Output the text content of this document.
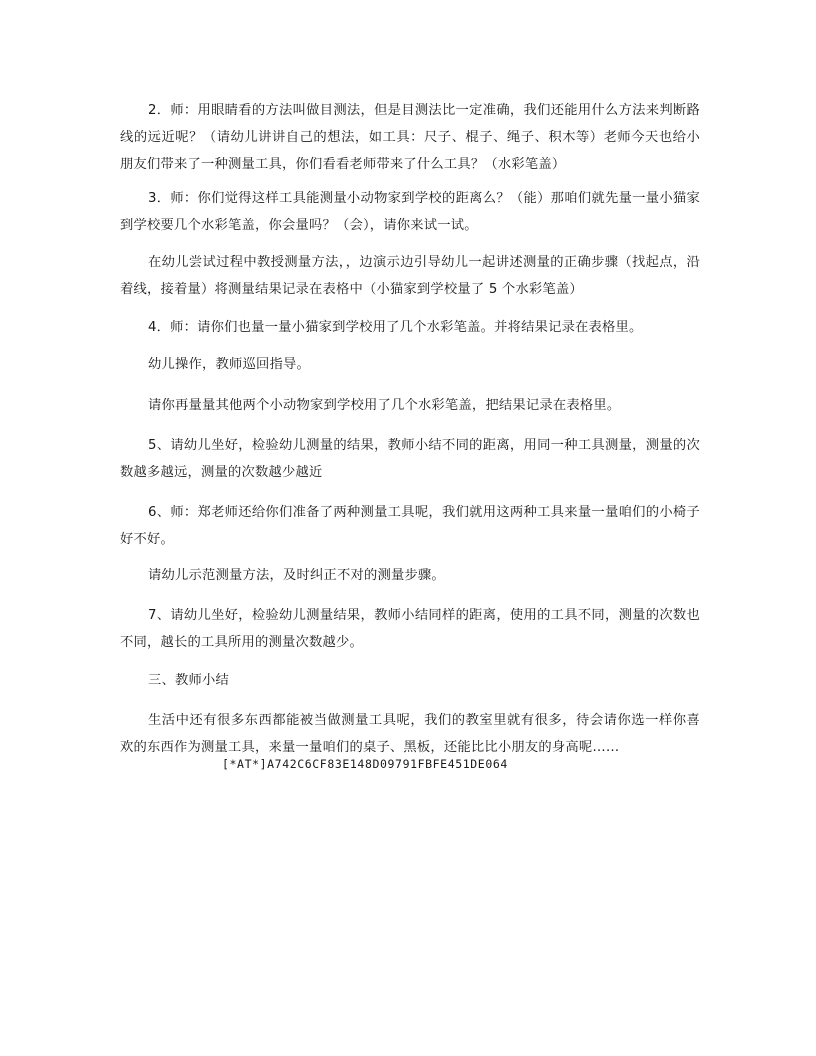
2．师：用眼睛看的方法叫做目测法，但是目测法比一定准确，我们还能用什么方法来判断路线的远近呢？（请幼儿讲讲自己的想法，如工具：尺子、棍子、绳子、积木等）老师今天也给小朋友们带来了一种测量工具，你们看看老师带来了什么工具？（水彩笔盖）

3．师：你们觉得这样工具能测量小动物家到学校的距离么？（能）那咱们就先量一量小猫家到学校要几个水彩笔盖，你会量吗？（会），请你来试一试。

在幼儿尝试过程中教授测量方法，，边演示边引导幼儿一起讲述测量的正确步骤（找起点，沿着线，接着量）将测量结果记录在表格中（小猫家到学校量了 5 个水彩笔盖）

4．师：请你们也量一量小猫家到学校用了几个水彩笔盖。并将结果记录在表格里。

幼儿操作，教师巡回指导。

请你再量量其他两个小动物家到学校用了几个水彩笔盖，把结果记录在表格里。

5、请幼儿坐好，检验幼儿测量的结果，教师小结不同的距离，用同一种工具测量，测量的次数越多越远，测量的次数越少越近

6、师：郑老师还给你们准备了两种测量工具呢，我们就用这两种工具来量一量咱们的小椅子好不好。

请幼儿示范测量方法，及时纠正不对的测量步骤。

7、请幼儿坐好，检验幼儿测量结果，教师小结同样的距离，使用的工具不同，测量的次数也不同，越长的工具所用的测量次数越少。

三、教师小结

生活中还有很多东西都能被当做测量工具呢，我们的教室里就有很多，待会请你选一样你喜欢的东西作为测量工具，来量一量咱们的桌子、黑板，还能比比小朋友的身高呢……

[*AT*]A742C6CF83E148D09791FBFE451DE064
